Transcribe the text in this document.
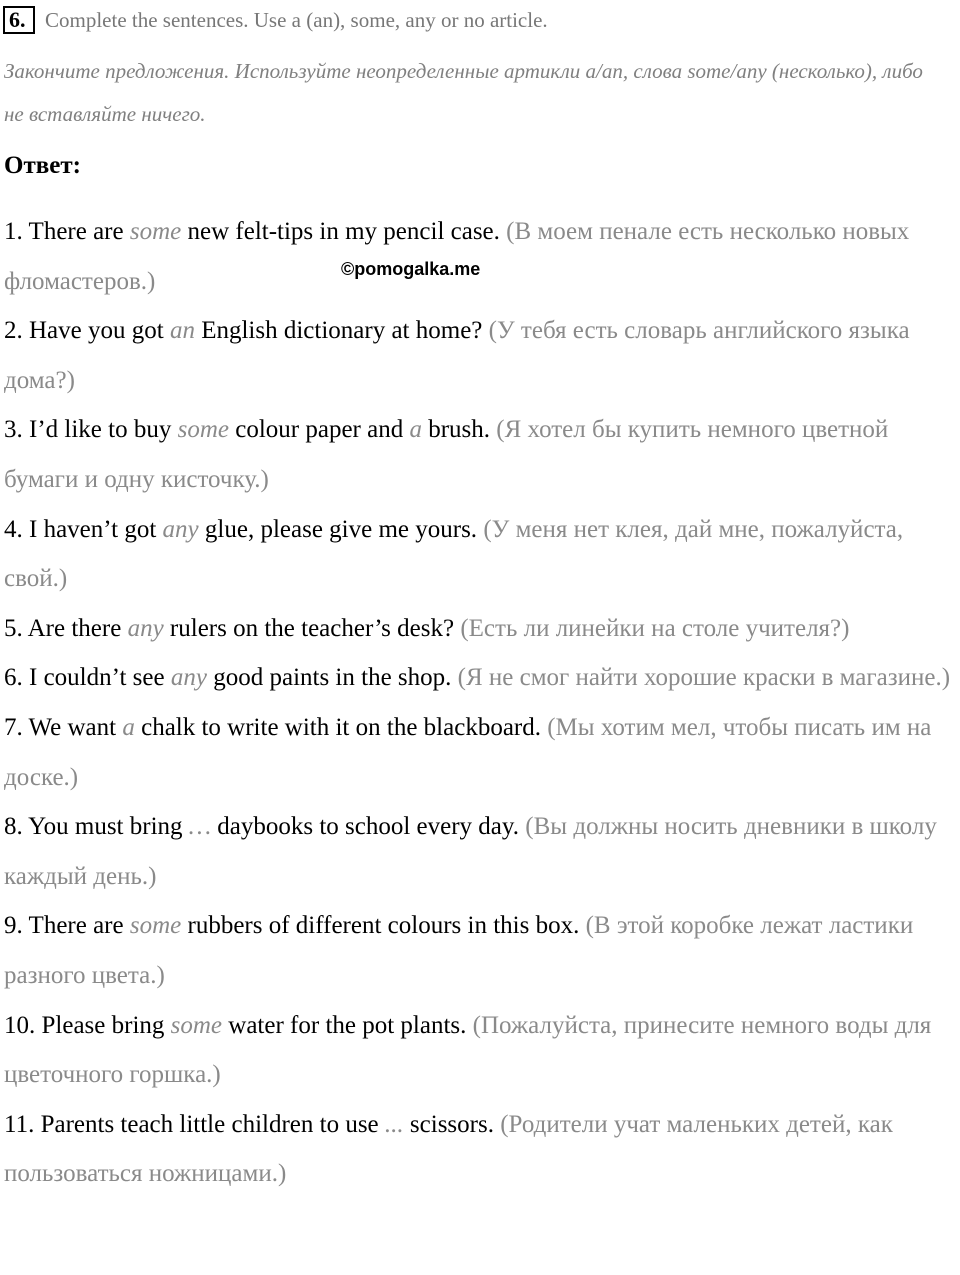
6. Complete the sentences. Use a (an), some, any or no article.
Закончите предложения. Используйте неопределенные артикли a/an, слова some/any (несколько), либо не вставляйте ничего.
Ответ:
©pomogalka.me
1. There are some new felt-tips in my pencil case. (В моем пенале есть несколько новых фломастеров.)
2. Have you got an English dictionary at home? (У тебя есть словарь английского языка дома?)
3. I’d like to buy some colour paper and a brush. (Я хотел бы купить немного цветной бумаги и одну кисточку.)
4. I haven’t got any glue, please give me yours. (У меня нет клея, дай мне, пожалуйста, свой.)
5. Are there any rulers on the teacher’s desk? (Есть ли линейки на столе учителя?)
6. I couldn’t see any good paints in the shop. (Я не смог найти хорошие краски в магазине.)
7. We want a chalk to write with it on the blackboard. (Мы хотим мел, чтобы писать им на доске.)
8. You must bring … daybooks to school every day. (Вы должны носить дневники в школу каждый день.)
9. There are some rubbers of different colours in this box. (В этой коробке лежат ластики разного цвета.)
10. Please bring some water for the pot plants. (Пожалуйста, принесите немного воды для цветочного горшка.)
11. Parents teach little children to use ... scissors. (Родители учат маленьких детей, как пользоваться ножницами.)
